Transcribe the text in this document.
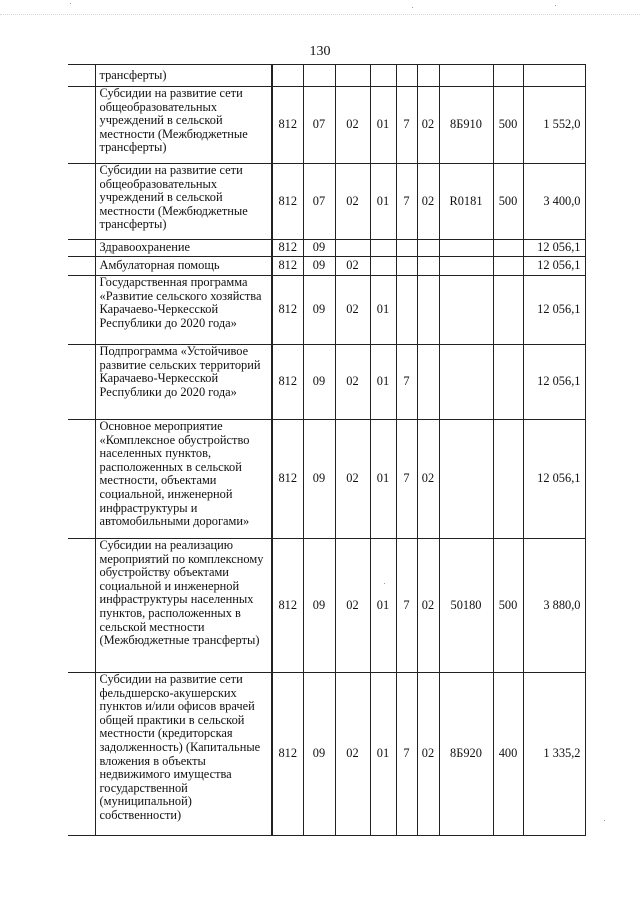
130
	трансферты)									
	Субсидии на развитие сети общеобразовательных учреждений в сельской местности (Межбюджетные трансферты)	812	07	02	01	7	02	8Б910	500	1 552,0
	Субсидии на развитие сети общеобразовательных учреждений в сельской местности (Межбюджетные трансферты)	812	07	02	01	7	02	R0181	500	3 400,0
	Здравоохранение	812	09							12 056,1
	Амбулаторная помощь	812	09	02						12 056,1
	Государственная программа «Развитие сельского хозяйства Карачаево-Черкесской Республики до 2020 года»	812	09	02	01					12 056,1
	Подпрограмма «Устойчивое развитие сельских территорий Карачаево-Черкесской Республики до 2020 года»	812	09	02	01	7				12 056,1
	Основное мероприятие «Комплексное обустройство населенных пунктов, расположенных в сельской местности, объектами социальной, инженерной инфраструктуры и автомобильными дорогами»	812	09	02	01	7	02			12 056,1
	Субсидии на реализацию мероприятий по комплексному обустройству объектами социальной и инженерной инфраструктуры населенных пунктов, расположенных в сельской местности (Межбюджетные трансферты)	812	09	02	01	7	02	50180	500	3 880,0
	Субсидии на развитие сети фельдшерско-акушерских пунктов и/или офисов врачей общей практики в сельской местности (кредиторская задолженность) (Капитальные вложения в объекты недвижимого имущества государственной (муниципальной) собственности)	812	09	02	01	7	02	8Б920	400	1 335,2
